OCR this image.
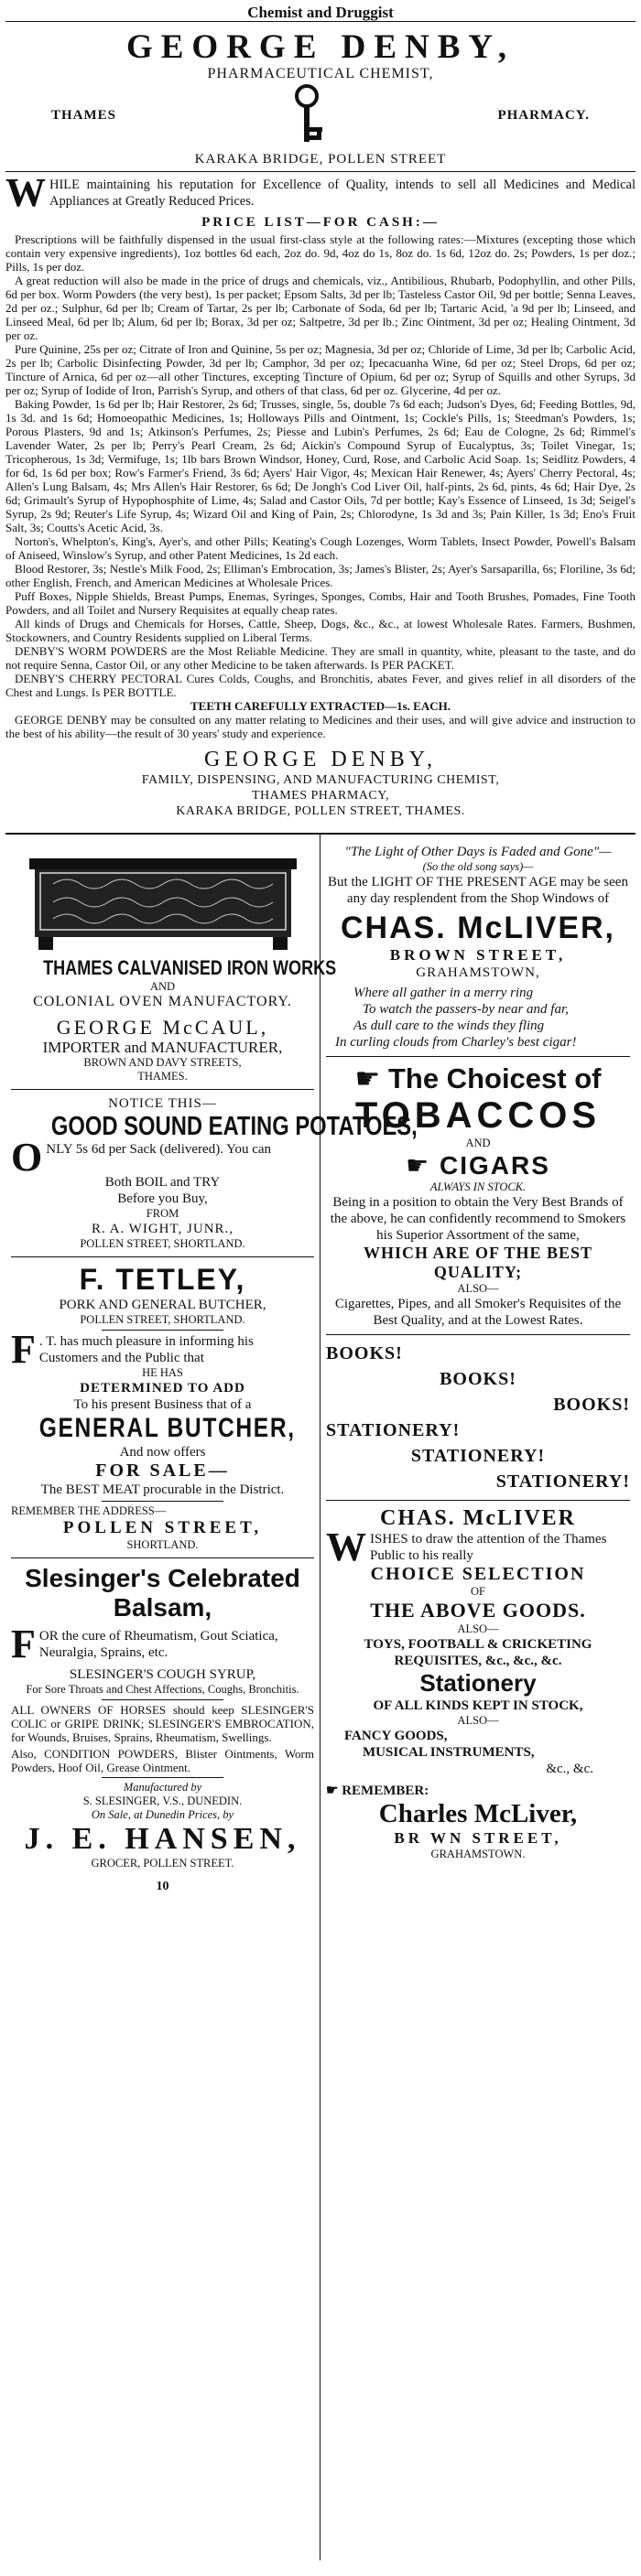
Chemist and Druggist
GEORGE DENBY,
PHARMACEUTICAL CHEMIST,
THAMES	PHARMACY.
KARAKA BRIDGE, POLLEN STREET
W HILE maintaining his reputation for Excellence of Quality, intends to sell all Medicines and Medical Appliances at Greatly Reduced Prices.
PRICE LIST—FOR CASH:—

Prescriptions will be faithfully dispensed in the usual first-class style at the following rates:—Mixtures (excepting those which contain very expensive ingredients), 1oz bottles 6d each, 2oz do. 9d, 4oz do 1s, 8oz do. 1s 6d, 12oz do. 2s; Powders, 1s per doz.; Pills, 1s per doz.

A great reduction will also be made in the price of drugs and chemicals, viz., Antibilious, Rhubarb, Podophyllin, and other Pills, 6d per box. Worm Powders (the very best), 1s per packet; Epsom Salts, 3d per lb; Tasteless Castor Oil, 9d per bottle; Senna Leaves, 2d per oz.; Sulphur, 6d per lb; Cream of Tartar, 2s per lb; Carbonate of Soda, 6d per lb; Tartaric Acid, 'a 9d per lb; Linseed, and Linseed Meal, 6d per lb; Alum, 6d per lb; Borax, 3d per oz; Saltpetre, 3d per lb.; Zinc Ointment, 3d per oz; Healing Ointment, 3d per oz.

Pure Quinine, 25s per oz; Citrate of Iron and Quinine, 5s per oz; Magnesia, 3d per oz; Chloride of Lime, 3d per lb; Carbolic Acid, 2s per lb; Carbolic Disinfecting Powder, 3d per lb; Camphor, 3d per oz; Ipecacuanha Wine, 6d per oz; Steel Drops, 6d per oz; Tincture of Arnica, 6d per oz—all other Tinctures, excepting Tincture of Opium, 6d per oz; Syrup of Squills and other Syrups, 3d per oz; Syrup of Iodide of Iron, Parrish's Syrup, and others of that class, 6d per oz. Glycerine, 4d per oz.

Baking Powder, 1s 6d per lb; Hair Restorer, 2s 6d; Trusses, single, 5s, double 7s 6d each; Judson's Dyes, 6d; Feeding Bottles, 9d, 1s 3d. and 1s 6d; Homoeopathic Medicines, 1s; Holloways Pills and Ointment, 1s; Cockle's Pills, 1s; Steedman's Powders, 1s; Porous Plasters, 9d and 1s; Atkinson's Perfumes, 2s; Piesse and Lubin's Perfumes, 2s 6d; Eau de Cologne, 2s 6d; Rimmel's Lavender Water, 2s per lb; Perry's Pearl Cream, 2s 6d; Aickin's Compound Syrup of Eucalyptus, 3s; Toilet Vinegar, 1s; Tricopherous, 1s 3d; Vermifuge, 1s; 1lb bars Brown Windsor, Honey, Curd, Rose, and Carbolic Acid Soap. 1s; Seidlitz Powders, 4 for 6d, 1s 6d per box; Row's Farmer's Friend, 3s 6d; Ayers' Hair Vigor, 4s; Mexican Hair Renewer, 4s; Ayers' Cherry Pectoral, 4s; Allen's Lung Balsam, 4s; Mrs Allen's Hair Restorer, 6s 6d; De Jongh's Cod Liver Oil, half-pints, 2s 6d, pints, 4s 6d; Hair Dye, 2s 6d; Grimault's Syrup of Hypophosphite of Lime, 4s; Salad and Castor Oils, 7d per bottle; Kay's Essence of Linseed, 1s 3d; Seigel's Syrup, 2s 9d; Reuter's Life Syrup, 4s; Wizard Oil and King of Pain, 2s; Chlorodyne, 1s 3d and 3s; Pain Killer, 1s 3d; Eno's Fruit Salt, 3s; Coutts's Acetic Acid, 3s.

Norton's, Whelpton's, King's, Ayer's, and other Pills; Keating's Cough Lozenges, Worm Tablets, Insect Powder, Powell's Balsam of Aniseed, Winslow's Syrup, and other Patent Medicines, 1s 2d each.

Blood Restorer, 3s; Nestle's Milk Food, 2s; Elliman's Embrocation, 3s; James's Blister, 2s; Ayer's Sarsaparilla, 6s; Floriline, 3s 6d; other English, French, and American Medicines at Wholesale Prices.

Puff Boxes, Nipple Shields, Breast Pumps, Enemas, Syringes, Sponges, Combs, Hair and Tooth Brushes, Pomades, Fine Tooth Powders, and all Toilet and Nursery Requisites at equally cheap rates.

All kinds of Drugs and Chemicals for Horses, Cattle, Sheep, Dogs, &c., &c., at lowest Wholesale Rates. Farmers, Bushmen, Stockowners, and Country Residents supplied on Liberal Terms.

DENBY'S WORM POWDERS are the Most Reliable Medicine. They are small in quantity, white, pleasant to the taste, and do not require Senna, Castor Oil, or any other Medicine to be taken afterwards. Is PER PACKET.

DENBY'S CHERRY PECTORAL Cures Colds, Coughs, and Bronchitis, abates Fever, and gives relief in all disorders of the Chest and Lungs. Is PER BOTTLE.

TEETH CAREFULLY EXTRACTED—1s. EACH.

GEORGE DENBY may be consulted on any matter relating to Medicines and their uses, and will give advice and instruction to the best of his ability—the result of 30 years' study and experience.

GEORGE DENBY,
FAMILY, DISPENSING, AND MANUFACTURING CHEMIST,
THAMES PHARMACY,
KARAKA BRIDGE, POLLEN STREET, THAMES.
THAMES CALVANISED IRON WORKS
AND
COLONIAL OVEN MANUFACTORY.
GEORGE McCAUL,
IMPORTER and MANUFACTURER,
BROWN AND DAVY STREETS,
THAMES.
NOTICE THIS—
GOOD SOUND EATING POTATOES,
O NLY 5s 6d per Sack (delivered). You can
Both BOIL and TRY
Before you Buy,
FROM
R. A. WIGHT, JUNR.,
POLLEN STREET, SHORTLAND.
F. TETLEY,
PORK AND GENERAL BUTCHER,
POLLEN STREET, SHORTLAND.
F . T. has much pleasure in informing his Customers and the Public that
HE HAS
DETERMINED TO ADD
To his present Business that of a
GENERAL BUTCHER,
And now offers
FOR SALE—
The BEST MEAT procurable in the District.
REMEMBER THE ADDRESS—
POLLEN STREET,
SHORTLAND.
Slesinger's Celebrated Balsam,
F OR the cure of Rheumatism, Gout Sciatica, Neuralgia, Sprains, etc.
SLESINGER'S COUGH SYRUP,
For Sore Throats and Chest Affections, Coughs, Bronchitis.
ALL OWNERS OF HORSES should keep SLESINGER'S COLIC or GRIPE DRINK; SLESINGER'S EMBROCATION, for Wounds, Bruises, Sprains, Rheumatism, Swellings.
Also, CONDITION POWDERS, Blister Ointments, Worm Powders, Hoof Oil, Grease Ointment.
Manufactured by
S. SLESINGER, V.S., DUNEDIN.
On Sale, at Dunedin Prices, by
J. E. HANSEN,
GROCER, POLLEN STREET.
10
"The Light of Other Days is Faded and Gone"—
(So the old song says)—
But the LIGHT OF THE PRESENT AGE may be seen any day resplendent from the Shop Windows of
CHAS. McLIVER,
BROWN STREET,
GRAHAMSTOWN,
Where all gather in a merry ring
To watch the passers-by near and far,
As dull care to the winds they fling
In curling clouds from Charley's best cigar!
☛ The Choicest of
TOBACCOS
AND
☛ CIGARS
ALWAYS IN STOCK.
Being in a position to obtain the Very Best Brands of the above, he can confidently recommend to Smokers his Superior Assortment of the same,
WHICH ARE OF THE BEST QUALITY;
ALSO—
Cigarettes, Pipes, and all Smoker's Requisites of the Best Quality, and at the Lowest Rates.
BOOKS!
BOOKS!
BOOKS!
STATIONERY!
STATIONERY!
STATIONERY!
CHAS. McLIVER
W ISHES to draw the attention of the Thames Public to his really
CHOICE SELECTION
OF
THE ABOVE GOODS.
ALSO—
TOYS, FOOTBALL & CRICKETING REQUISITES, &c., &c., &c.
Stationery
OF ALL KINDS KEPT IN STOCK,
ALSO—
FANCY GOODS,
MUSICAL INSTRUMENTS,
&c., &c.
☛ REMEMBER:
Charles McLiver,
BR WN STREET,
GRAHAMSTOWN.
